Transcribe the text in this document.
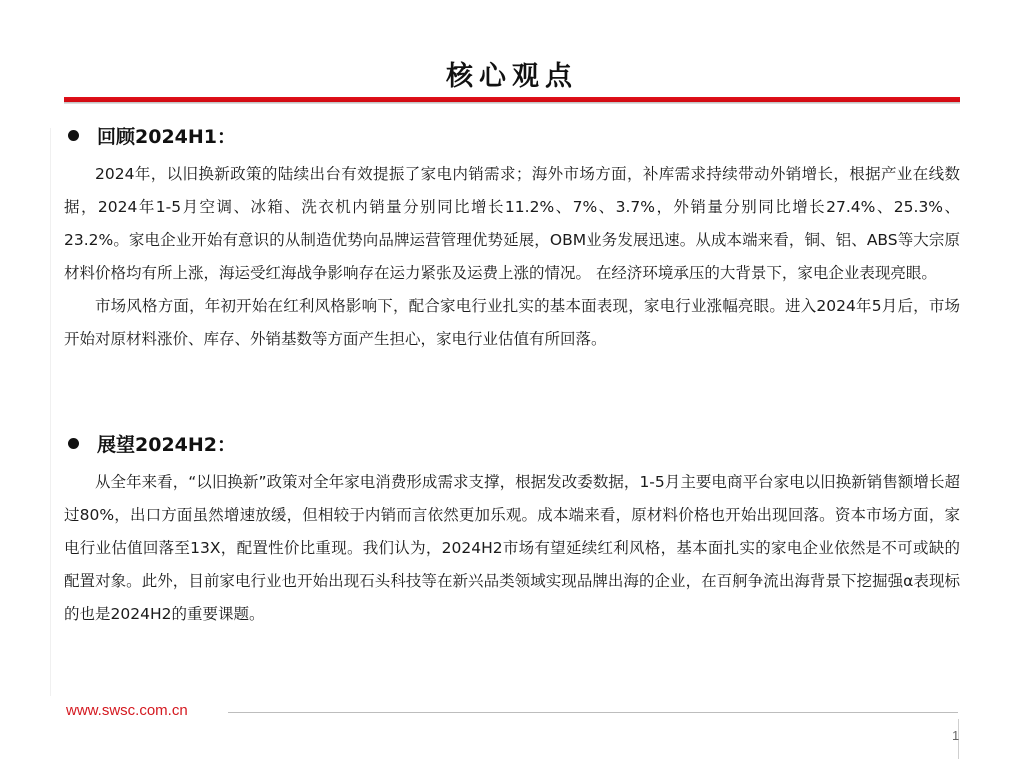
核心观点
回顾2024H1：

2024年，以旧换新政策的陆续出台有效提振了家电内销需求；海外市场方面，补库需求持续带动外销增长，根据产业在线数据，2024年1-5月空调、冰箱、洗衣机内销量分别同比增长11.2%、7%、3.7%，外销量分别同比增长27.4%、25.3%、23.2%。家电企业开始有意识的从制造优势向品牌运营管理优势延展，OBM业务发展迅速。从成本端来看，铜、铝、ABS等大宗原材料价格均有所上涨，海运受红海战争影响存在运力紧张及运费上涨的情况。 在经济环境承压的大背景下，家电企业表现亮眼。

市场风格方面，年初开始在红利风格影响下，配合家电行业扎实的基本面表现，家电行业涨幅亮眼。进入2024年5月后，市场开始对原材料涨价、库存、外销基数等方面产生担心，家电行业估值有所回落。

展望2024H2：

从全年来看，“以旧换新”政策对全年家电消费形成需求支撑，根据发改委数据，1-5月主要电商平台家电以旧换新销售额增长超过80%，出口方面虽然增速放缓，但相较于内销而言依然更加乐观。成本端来看，原材料价格也开始出现回落。资本市场方面，家电行业估值回落至13X，配置性价比重现。我们认为，2024H2市场有望延续红利风格，基本面扎实的家电企业依然是不可或缺的配置对象。此外，目前家电行业也开始出现石头科技等在新兴品类领域实现品牌出海的企业，在百舸争流出海背景下挖掘强α表现标的也是2024H2的重要课题。

www.swsc.com.cn
1
